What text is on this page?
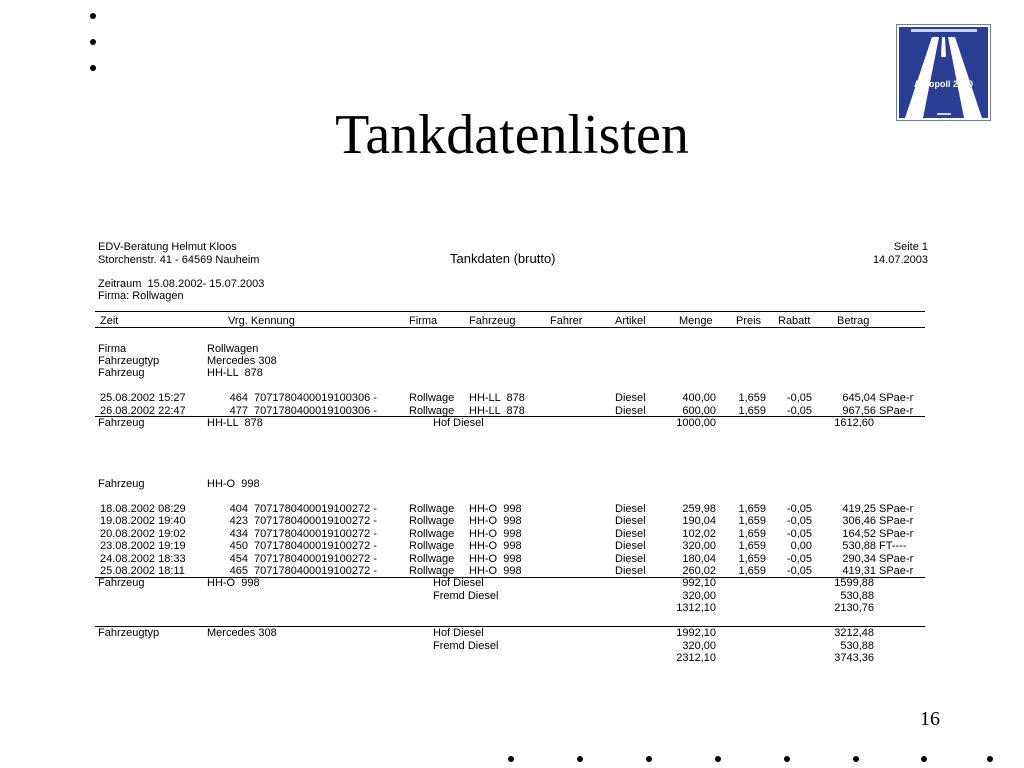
Autopoll 2000
Tankdatenlisten
EDV-Beratung Helmut Kloos
Storchenstr. 41 - 64569 Nauheim	Tankdaten (brutto)
Seite 1
14.07.2003
Zeitraum  15.08.2002- 15.07.2003
Firma: Rollwagen
Zeit	Vrg. Kennung	Firma	Fahrzeug	Fahrer	Artikel	Menge Preis Rabatt Betrag
Firma	Rollwagen
Fahrzeugtyp	Mercedes 308
Fahrzeug	HH-LL  878
25.08.2002 15:27	464 7071780400019100306 -	Rollwage HH-LL  878	Diesel	400,00	1,659	-0,05	645,04 SPae-r
26.08.2002 22:47	477 7071780400019100306 -	Rollwage HH-LL  878	Diesel	600,00	1,659	-0,05	967,56 SPae-r
Fahrzeug	HH-LL  878	Hof Diesel	1000,00	1612,60
Fahrzeug	HH-O  998
18.08.2002 08:29	404 7071780400019100272 -	Rollwage HH-O  998	Diesel	259,98	1,659	-0,05	419,25 SPae-r
19.08.2002 19:40	423 7071780400019100272 -	Rollwage HH-O  998	Diesel	190,04	1,659	-0,05	306,46 SPae-r
20.08.2002 19:02	434 7071780400019100272 -	Rollwage HH-O  998	Diesel	102,02	1,659	-0,05	164,52 SPae-r
23.08.2002 19:19	450 7071780400019100272 -	Rollwage HH-O  998	Diesel	320,00	1,659	0,00	530,88 FT----
24.08.2002 18:33	454 7071780400019100272 -	Rollwage HH-O  998	Diesel	180,04	1,659	-0,05	290,34 SPae-r
25.08.2002 18:11	465 7071780400019100272 -	Rollwage HH-O  998	Diesel	260,02	1,659	-0,05	419,31 SPae-r
Fahrzeug	HH-O  998	Hof Diesel	992,10	1599,88
Fremd Diesel	320,00	530,88
1312,10	2130,76
Fahrzeugtyp	Mercedes 308	Hof Diesel	1992,10	3212,48
Fremd Diesel	320,00	530,88
2312,10	3743,36
16
